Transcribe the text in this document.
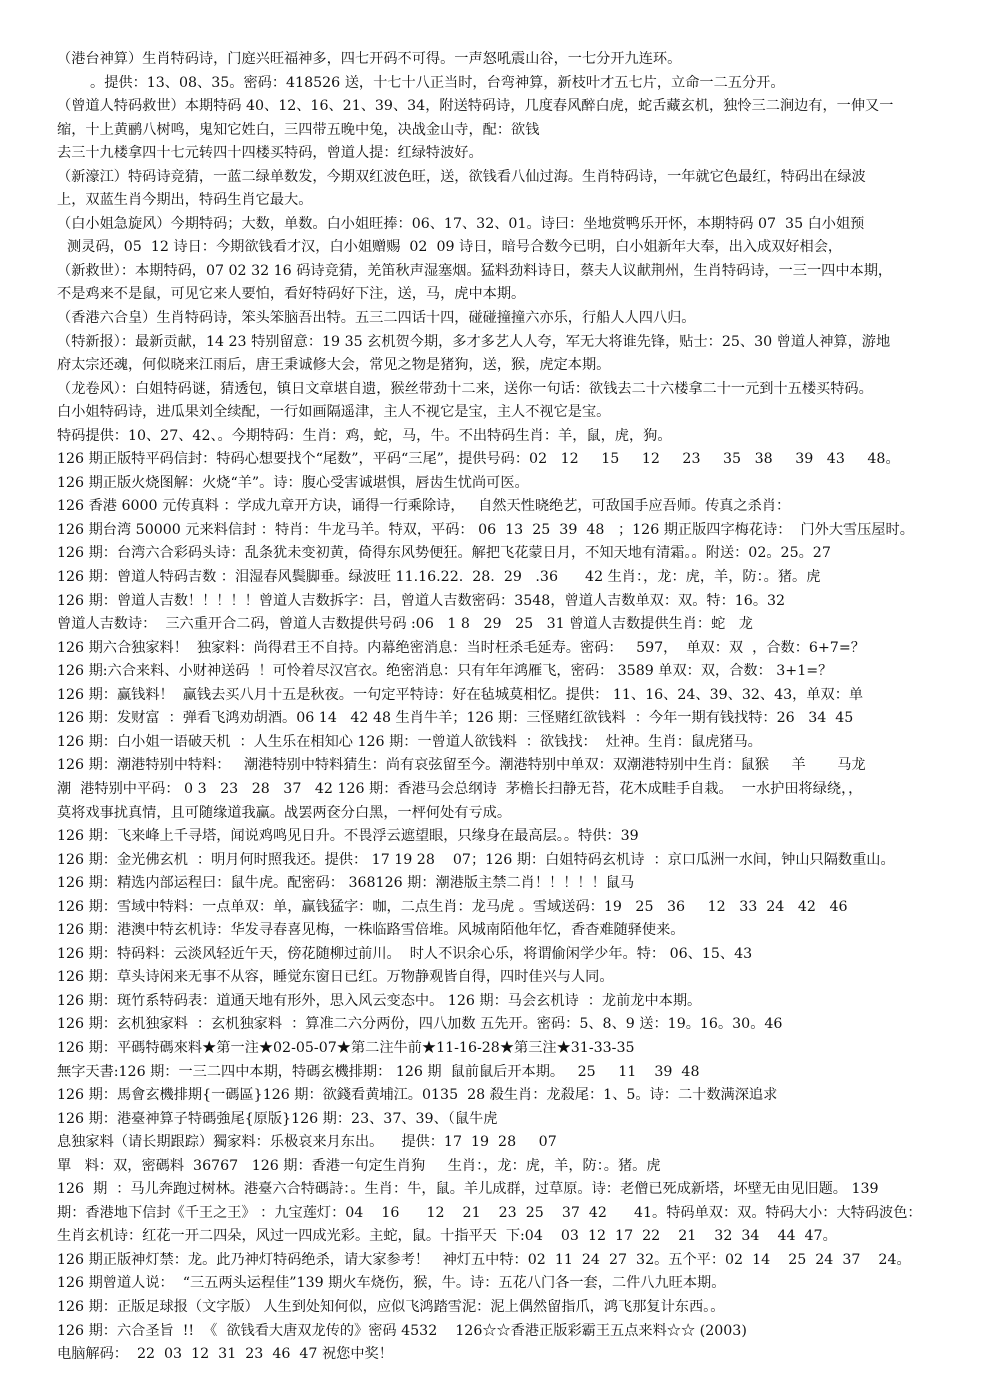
（港台神算）生肖特码诗，门庭兴旺福神多，四七开码不可得。一声怒吼震山谷，一七分开九连环。
。提供：13、08、35。密码：418526 送，十七十八正当时，台弯神算，新枝叶才五七片，立命一二五分开。
（曾道人特码救世）本期特码 40、12、16、21、39、34，附送特码诗，几度春风醉白虎，蛇舌藏玄机，独怜三二涧边有，一伸又一
缩，十上黄鹂八树鸣，鬼知它姓白，三四带五晚中兔，决战金山寺，配：欲钱
去三十九楼拿四十七元转四十四楼买特码，曾道人提：红绿特波好。
（新濠江）特码诗竞猜，一蓝二绿单数发，今期双红波色旺，送，欲钱看八仙过海。生肖特码诗，一年就它色最红，特码出在绿波
上，双蓝生肖今期出，特码生肖它最大。
（白小姐急旋风）今期特码；大数，单数。白小姐旺捧：06、17、32、01。诗曰：坐地赏鸭乐开怀，本期特码 07  35 白小姐预
测灵码，05  12 诗日：今期欲钱看才汉，白小姐赠赐  02  09 诗日，暗号合数今已明，白小姐新年大奉，出入成双好相会，
（新救世）：本期特码，07 02 32 16 码诗竞猜，羌笛秋声湿塞烟。猛料劲料诗日，蔡夫人议献荆州，生肖特码诗，一三一四中本期，
不是鸡来不是鼠，可见它来人要怕，看好特码好下注，送，马，虎中本期。
（香港六合皇）生肖特码诗，笨头笨脑吾出特。五三二四话十四，碰碰撞撞六亦乐，行船人人四八归。
（特新报）：最新贡献，14 23 特别留意：19 35 玄机贺今期，多才多艺人人夸，军无大将谁先锋，贴士：25、30 曾道人神算，游地
府太宗还魂，何似晓来江雨后，唐王秉诚修大会，常见之物是猪狗，送，猴，虎定本期。
（龙卷风）：白姐特码谜，猜透包，镇日文章堪自遗，猴丝带劲十二来，送你一句话：欲钱去二十六楼拿二十一元到十五楼买特码。
白小姐特码诗，进瓜果刘全续配，一行如画隔遥津，主人不视它是宝，主人不视它是宝。
特码提供：10、27、42、。今期特码：生肖：鸡，蛇，马，牛。不出特码生肖：羊，鼠，虎，狗。
126 期正版特平码信封：特码心想要找个“尾数”，平码“三尾”，提供号码：02   12     15     12     23     35   38     39   43     48。
126 期正版火烧图解：火烧“羊”。诗：腹心受害诚堪惧，唇齿生忧尚可医。
126 香港 6000 元传真料 ：学成九章开方诀，诵得一行乘除诗，   自然天性晓绝艺，可敌国手应吾师。传真之杀肖：
126 期台湾 50000 元来料信封 ：特肖：牛龙马羊。特双，平码： 06  13  25  39  48   ；126 期正版四字梅花诗：  门外大雪压屋时。
126 期：台湾六合彩码头诗：乱条犹未变初黄，倚得东风势便狂。解把飞花蒙日月，不知天地有清霜。。附送：02。25。27
126 期：曾道人特码吉数 ：泪湿春风鬓脚垂。绿波旺 11.16.22.  28.  29   .36      42 生肖：，龙：虎，羊，防：。猪。虎
126 期：曾道人吉数！！！！！曾道人吉数拆字：吕，曾道人吉数密码：3548，曾道人吉数单双：双。特：16。32
曾道人吉数诗：  三六重开合二码，曾道人吉数提供号码 :06   1 8   29   25   31 曾道人吉数提供生肖：蛇   龙
126 期六合独家料！  独家料：尚得君王不自持。内幕绝密消息：当时枉杀毛延寿。密码：   597，  单双：双  ，合数：6+7=？
126 期:六合来料、小财神送码  ！可怜着尽汉宫衣。绝密消息：只有年年鸿雁飞，密码： 3589 单双：双，合数： 3+1=？
126 期：赢钱料！  赢钱去买八月十五是秋夜。一句定平特诗：好在毡城莫相忆。提供： 11、16、24、39、32、43，单双：单
126 期：发财富  ：弹看飞鸿劝胡酒。06 14   42 48 生肖牛羊；126 期：三怪赌红欲钱料  ：今年一期有钱找特：26   34  45
126 期：白小姐一语破天机  ：人生乐在相知心 126 期：一曾道人欲钱料  ：欲钱找：  灶神。生肖：鼠虎猪马。
126 期：潮港特别中特料：   潮港特别中特料猜生：尚有哀弦留至今。潮港特别中单双：双潮港特别中生肖：鼠猴     羊       马龙
潮  港特别中平码： 0 3   23   28   37   42 126 期：香港马会总纲诗  茅檐长扫静无苔，花木成畦手自栽。  一水护田将绿绕，，
莫将戏事扰真情，且可随缘道我赢。战罢两奁分白黑，一枰何处有亏成。
126 期：飞来峰上千寻塔，闻说鸡鸣见日升。不畏浮云遮望眼，只缘身在最高层。。特供：39
126 期：金光佛玄机  ：明月何时照我还。提供： 17 19 28    07；126 期：白姐特码玄机诗  ：京口瓜洲一水间，钟山只隔数重山。
126 期：精选内部运程曰：鼠牛虎。配密码： 368126 期：潮港版主禁二肖！！！！！鼠马
126 期：雪域中特料：一点单双：单，赢钱猛字：咖，二点生肖：龙马虎 。雪域送码：19   25   36     12   33  24   42   46
126 期：港澳中特玄机诗：华发寻春喜见梅，一株临路雪倍堆。风城南陌他年忆，香杳难随驿使来。
126 期：特码料：云淡风轻近午天，傍花随柳过前川。  时人不识余心乐，将谓偷闲学少年。特： 06、15、43
126 期：草头诗闲来无事不从容，睡觉东窗日已红。万物静观皆自得，四时佳兴与人同。
126 期：斑竹系特码表：道通天地有形外，思入风云变态中。 126 期：马会玄机诗  ：龙前龙中本期。
126 期：玄机独家料  ：玄机独家料  ：算准二六分两份，四八加数 五先开。密码：5、8、9 送：19。16。30。46
126 期：平碼特碼來料★第一注★02-05-07★第二注牛前★11-16-28★第三注★31-33-35
無字天書:126 期：一三二四中本期，特碼玄機排期： 126 期  鼠前鼠后开本期。   25     11    39  48
126 期：馬會玄機排期{一碼區}126 期：欲錢看黄埔江。0135  28 殺生肖：龙殺尾：1、5。诗：二十数满深追求
126 期：港臺神算子特碼強尾{原版}126 期：23、37、39、（鼠牛虎
息独家料（请长期跟踪）獨家料：乐极哀来月东出。    提供：17  19  28     07
單   料：双，密碼料  36767   126 期：香港一句定生肖狗     生肖：，龙：虎，羊，防：。猪。虎
126  期  ：马儿奔跑过树林。港臺六合特碼詩：。生肖：牛，鼠。羊儿成群，过草原。诗：老僧已死成新塔，坏壁无由见旧题。 139
期：香港地下信封《千王之王》 ：九宝莲灯：04    16      12    21    23  25    37  42      41。特码单双：双。特码大小：大特码波色：
生肖玄机诗：红花一开二四朵，风过一四成光彩。主蛇，鼠。十指平天  下:04    03  12  17  22    21    32  34    44  47。
126 期正版神灯禁：龙。此乃神灯特码绝杀，请大家参考！   神灯五中特：02  11  24  27  32。五个平：02  14    25  24  37    24。
126 期曾道人说：  “三五两头运程佳”139 期火车烧伤，猴，牛。诗：五花八门各一套，二件八九旺本期。
126 期：正版足球报（文字版） 人生到处知何似，应似飞鸿踏雪泥：泥上偶然留指爪，鸿飞那复计东西。。
126 期：六合圣旨  !!  《  欲钱看大唐双龙传的》密码 4532    126☆☆香港正版彩霸王五点来料☆☆ (2003)
电脑解码：  22  03  12  31  23  46  47 祝您中奖！
